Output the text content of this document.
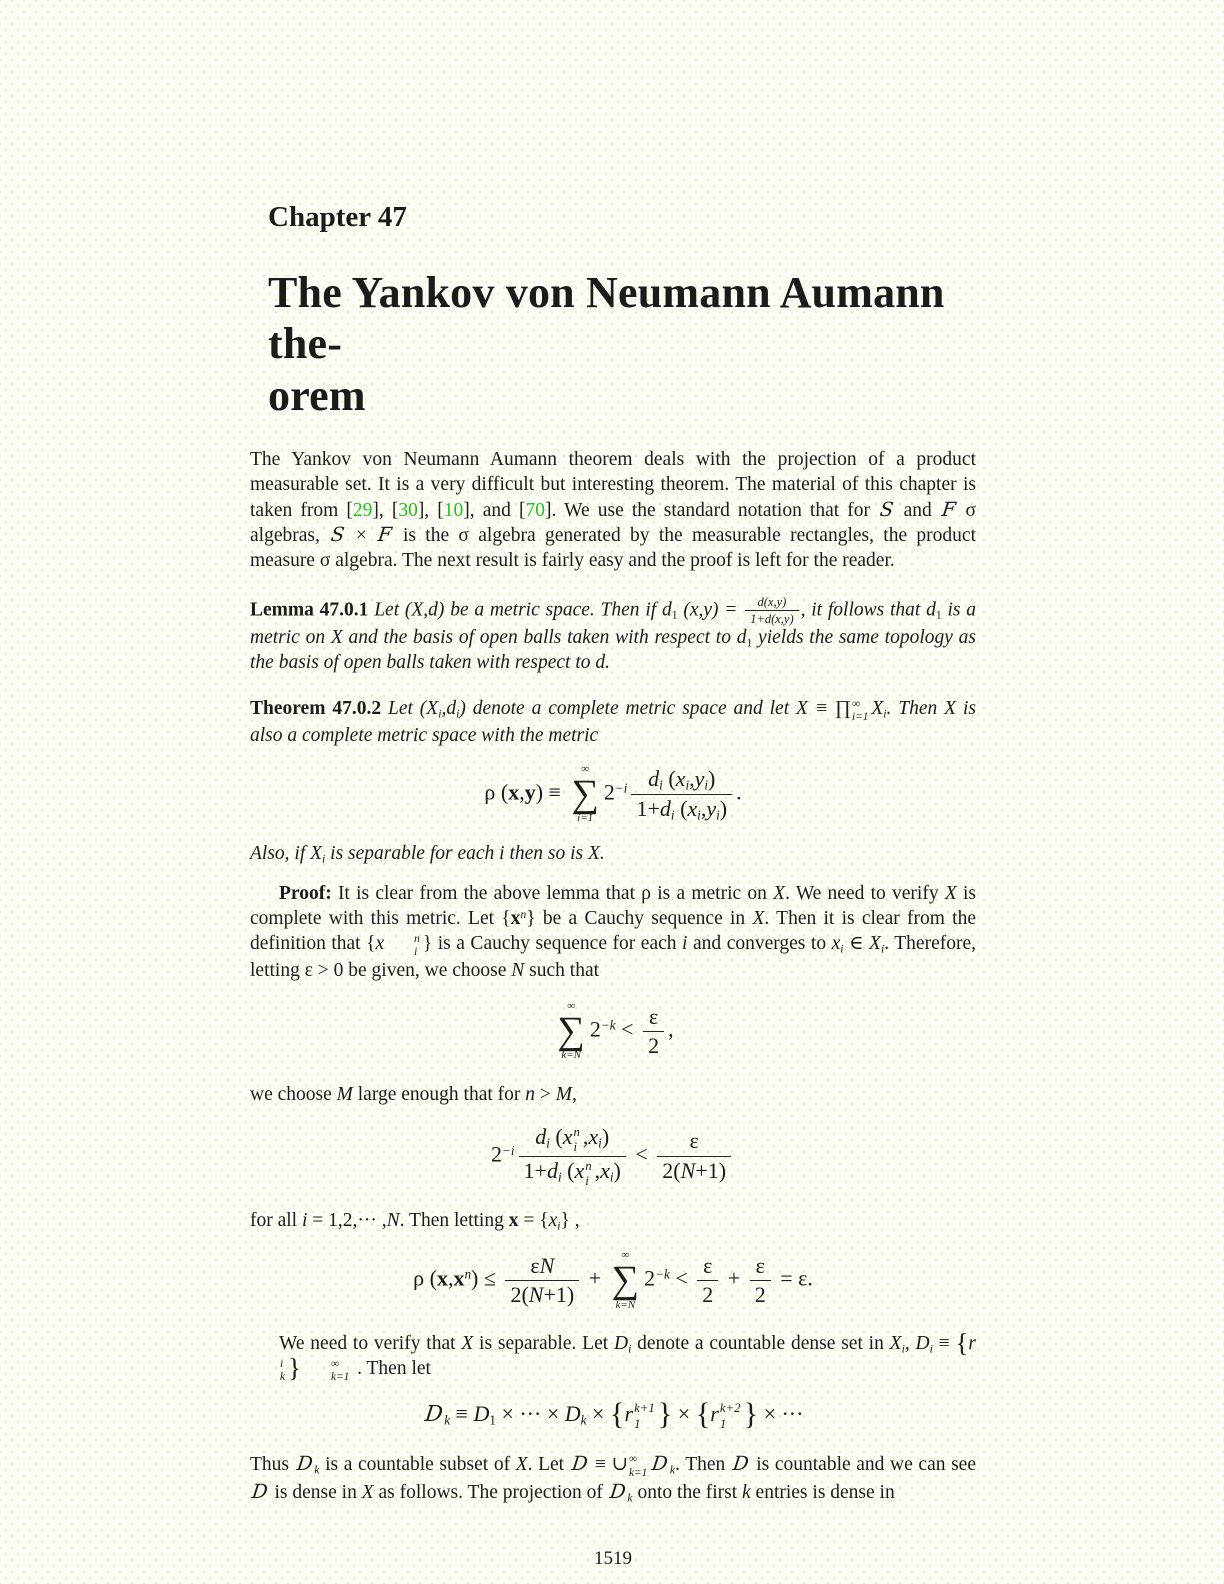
Chapter 47
The Yankov von Neumann Aumann the-
orem

The Yankov von Neumann Aumann theorem deals with the projection of a product measurable set. It is a very difficult but interesting theorem. The material of this chapter is taken from [29], [30], [10], and [70]. We use the standard notation that for S and F σ algebras, S × F is the σ algebra generated by the measurable rectangles, the product measure σ algebra. The next result is fairly easy and the proof is left for the reader.

Lemma 47.0.1 Let (X,d) be a metric space. Then if $d_1$ $(x,y) = \frac{d(x,y)}{1+d(x,y)}$ , it follows that $d_1$ is a metric on X and the basis of open balls taken with respect to $d_1$ yields the same topology as the basis of open balls taken with respect to d.

Theorem 47.0.2 Let $(X_i,d_i)$ denote a complete metric space and let X ≡ ∏ ∞
i=1 $X_i$. Then X is also a complete metric space with the metric

ρ (x,y) ≡
∞
∑
i=1
$2^{-i} \frac{d_i (x_i,y_i)}{1+d_i (x_i,y_i)}$ .

Also, if $X_i$ is separable for each i then so is X.

Proof: It is clear from the above lemma that ρ is a metric on X. We need to verify X is complete with this metric. Let $\{x^n\}$ be a Cauchy sequence in X. Then it is clear from the definition that {x	n
i } is a Cauchy sequence for each i and converges to $x_i$ ∈ $X_i$. Therefore, letting ε > 0 be given, we choose N such that

∞
∑
k=N
$2^{-k} < \frac{\varepsilon}{2}$ ,

we choose M large enough that for n > M,

$2^{-i}$ $d_i$ (x n
i $,x_i$)
$1+d_i$ (x n
i $,x_i) < \frac{\varepsilon}{2(N+1)}$

for all i = 1,2,··· ,N. Then letting $x = \{x_i\}$ ,

ρ $(x,x^n) \le \frac{\varepsilon N}{2(N+1)}$ +
∞
∑
k=N
$2^{-k} < \frac{\varepsilon}{2} + \frac{\varepsilon}{2} = \varepsilon$.

We need to verify that X is separable. Let $D_i$ denote a countable dense set in $X_i$, $D_i \equiv \{r$
i
k }	∞
k=1 . Then let

$D_k \equiv D_1$ × ··· × $D_k \times \{r$ k+1
1 } × {r k+2
1 } × ···

Thus $D_k$ is a countable subset of X. Let D ≡ ∪ ∞
k=1 $D_k$. Then D is countable and we can see D is dense in X as follows. The projection of $D_k$ onto the first k entries is dense in

1519
